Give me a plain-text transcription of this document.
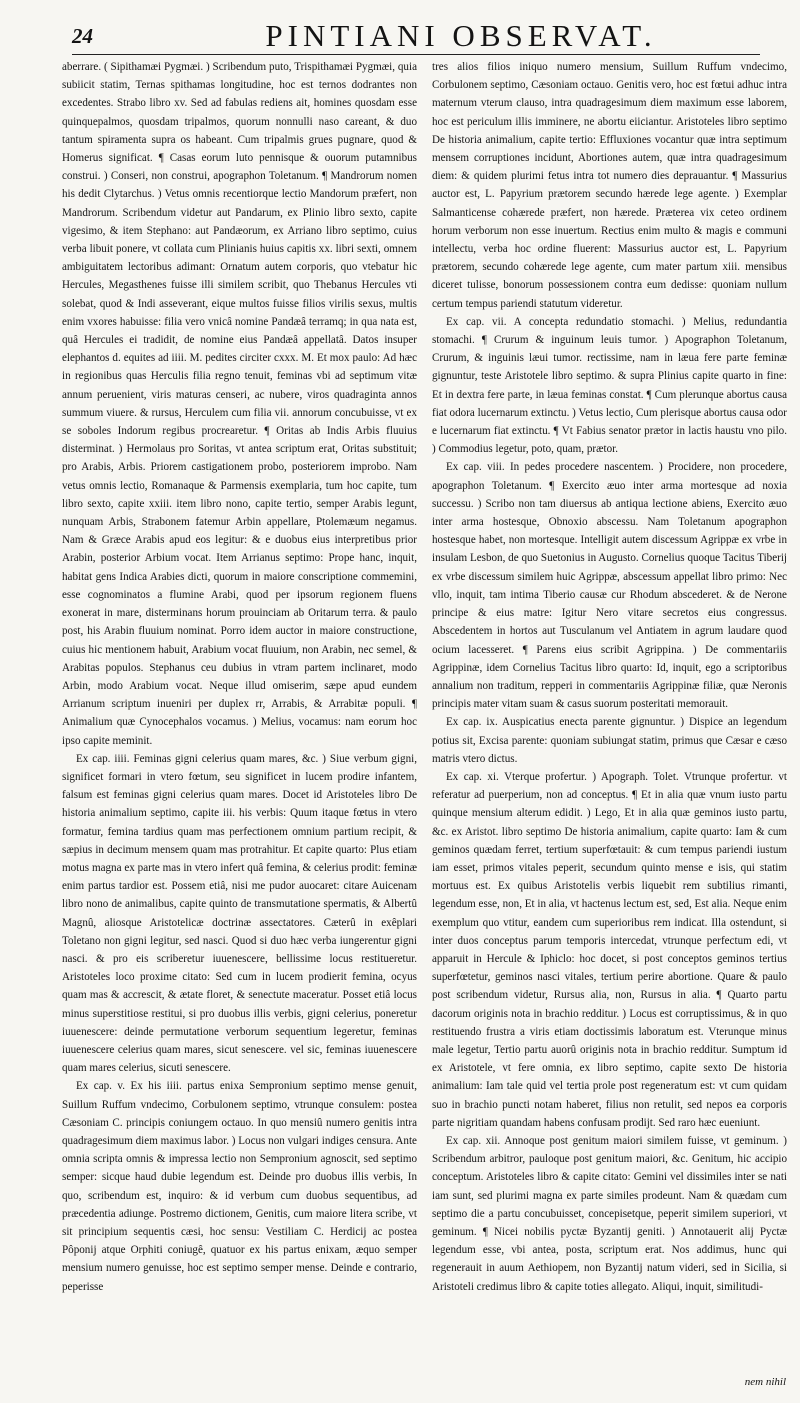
24	PINTIANI OBSERVAT.

aberrare. ( Sipithamæi Pygmæi. ) Scribendum puto, Trispithamæi Pygmæi, quia subiicit statim, Ternas spithamas longitudine, hoc est ternos dodrantes non excedentes. Strabo libro xv. Sed ad fabulas rediens ait, homines quosdam esse quinquepalmos, quosdam tripalmos, quorum nonnulli naso careant, & duo tantum spiramenta supra os habeant. Cum tripalmis grues pugnare, quod & Homerus significat. ¶ Casas eorum luto pennisque & ouorum putamnibus construi. ) Conseri, non construi, apographon Toletanum. ¶ Mandrorum nomen his dedit Clytarchus. ) Vetus omnis recentiorque lectio Mandorum præfert, non Mandrorum. Scribendum videtur aut Pandarum, ex Plinio libro sexto, capite vigesimo, & item Stephano: aut Pandæorum, ex Arriano libro septimo, cuius verba libuit ponere, vt collata cum Plinianis huius capitis xx. libri sexti, omnem ambiguitatem lectoribus adimant: Ornatum autem corporis, quo vtebatur hic Hercules, Megasthenes fuisse illi similem scribit, quo Thebanus Hercules vti solebat, quod & Indi asseverant, eique multos fuisse filios virilis sexus, multis enim vxores habuisse: filia vero vnicâ nomine Pandæâ terramq; in qua nata est, quâ Hercules ei tradidit, de nomine eius Pandæâ appellatâ. Datos insuper elephantos d. equites ad iiii. M. pedites circiter cxxx. M. Et mox paulo: Ad hæc in regionibus quas Herculis filia regno tenuit, feminas vbi ad septimum vitæ annum peruenient, viris maturas censeri, ac nubere, viros quadraginta annos summum viuere. & rursus, Herculem cum filia vii. annorum concubuisse, vt ex se soboles Indorum regibus procrearetur. ¶ Oritas ab Indis Arbis fluuius disterminat. ) Hermolaus pro Soritas, vt antea scriptum erat, Oritas substituit; pro Arabis, Arbis. Priorem castigationem probo, posteriorem improbo. Nam vetus omnis lectio, Romanaque & Parmensis exemplaria, tum hoc capite, tum libro sexto, capite xxiii. item libro nono, capite tertio, semper Arabis legunt, nunquam Arbis, Strabonem fatemur Arbin appellare, Ptolemæum negamus. Nam & Græce Arabis apud eos legitur: & e duobus eius interpretibus prior Arabin, posterior Arbium vocat. Item Arrianus septimo: Prope hanc, inquit, habitat gens Indica Arabies dicti, quorum in maiore conscriptione commemini, esse cognominatos a flumine Arabi, quod per ipsorum regionem fluens exonerat in mare, disterminans horum prouinciam ab Oritarum terra. & paulo post, his Arabin fluuium nominat. Porro idem auctor in maiore constructione, cuius hic mentionem habuit, Arabium vocat fluuium, non Arabin, nec semel, & Arabitas populos. Stephanus ceu dubius in vtram partem inclinaret, modo Arbin, modo Arabium vocat. Neque illud omiserim, sæpe apud eundem Arrianum scriptum inueniri per duplex rr, Arrabis, & Arrabitæ populi. ¶ Animalium quæ Cynocephalos vocamus. ) Melius, vocamus: nam eorum hoc ipso capite meminit.

Ex cap. iiii. Feminas gigni celerius quam mares, &c. ) Siue verbum gigni, significet formari in vtero fœtum, seu significet in lucem prodire infantem, falsum est feminas gigni celerius quam mares. Docet id Aristoteles libro De historia animalium septimo, capite iii. his verbis: Quum itaque fœtus in vtero formatur, femina tardius quam mas perfectionem omnium partium recipit, & sæpius in decimum mensem quam mas protrahitur. Et capite quarto: Plus etiam motus magna ex parte mas in vtero infert quâ femina, & celerius prodit: feminæ enim partus tardior est. Possem etiâ, nisi me pudor auocaret: citare Auicenam libro nono de animalibus, capite quinto de transmutatione spermatis, & Albertû Magnû, aliosque Aristotelicæ doctrinæ assectatores. Cæterû in exêplari Toletano non gigni legitur, sed nasci. Quod si duo hæc verba iungerentur gigni nasci. & pro eis scriberetur iuuenescere, bellissime locus restitueretur. Aristoteles loco proxime citato: Sed cum in lucem prodierit femina, ocyus quam mas & accrescit, & ætate floret, & senectute maceratur. Posset etiâ locus minus superstitiose restitui, si pro duobus illis verbis, gigni celerius, poneretur iuuenescere: deinde permutatione verborum sequentium legeretur, feminas iuuenescere celerius quam mares, sicut senescere. vel sic, feminas iuuenescere quam mares celerius, sicuti senescere.

Ex cap. v. Ex his iiii. partus enixa Sempronium septimo mense genuit, Suillum Ruffum vndecimo, Corbulonem septimo, vtrunque consulem: postea Cæsoniam C. principis coniungem octauo. In quo mensiû numero genitis intra quadragesimum diem maximus labor. ) Locus non vulgari indiges censura. Ante omnia scripta omnis & impressa lectio non Sempronium agnoscit, sed septimo semper: sicque haud dubie legendum est. Deinde pro duobus illis verbis, In quo, scribendum est, inquiro: & id verbum cum duobus sequentibus, ad præcedentia adiunge. Postremo dictionem, Genitis, cum maiore litera scribe, vt sit principium sequentis cæsi, hoc sensu: Vestiliam C. Herdicij ac postea Pôponij atque Orphiti coniugê, quatuor ex his partus enixam, æquo semper mensium numero genuisse, hoc est septimo semper mense. Deinde e contrario, peperisse

tres alios filios iniquo numero mensium, Suillum Ruffum vndecimo, Corbulonem septimo, Cæsoniam octauo. Genitis vero, hoc est fœtui adhuc intra maternum vterum clauso, intra quadragesimum diem maximum esse laborem, hoc est periculum illis imminere, ne abortu eiiciantur. Aristoteles libro septimo De historia animalium, capite tertio: Effluxiones vocantur quæ intra septimum mensem corruptiones incidunt, Abortiones autem, quæ intra quadragesimum diem: & quidem plurimi fetus intra tot numero dies deprauantur. ¶ Massurius auctor est, L. Papyrium prætorem secundo hærede lege agente. ) Exemplar Salmanticense cohærede præfert, non hærede. Præterea vix ceteo ordinem horum verborum non esse inuertum. Rectius enim multo & magis e communi intellectu, verba hoc ordine fluerent: Massurius auctor est, L. Papyrium prætorem, secundo cohærede lege agente, cum mater partum xiii. mensibus diceret tulisse, bonorum possessionem contra eum dedisse: quoniam nullum certum tempus pariendi statutum videretur.

Ex cap. vii. A concepta redundatio stomachi. ) Melius, redundantia stomachi. ¶ Crurum & inguinum leuis tumor. ) Apographon Toletanum, Crurum, & inguinis læui tumor. rectissime, nam in læua fere parte feminæ gignuntur, teste Aristotele libro septimo. & supra Plinius capite quarto in fine: Et in dextra fere parte, in læua feminas constat. ¶ Cum plerunque abortus causa fiat odora lucernarum extinctu. ) Vetus lectio, Cum plerisque abortus causa odor e lucernarum fiat extinctu. ¶ Vt Fabius senator prætor in lactis haustu vno pilo. ) Commodius legetur, poto, quam, prætor.

Ex cap. viii. In pedes procedere nascentem. ) Procidere, non procedere, apographon Toletanum. ¶ Exercito æuo inter arma mortesque ad noxia successu. ) Scribo non tam diuersus ab antiqua lectione abiens, Exercito æuo inter arma hostesque, Obnoxio abscessu. Nam Toletanum apographon hostesque habet, non mortesque. Intelligit autem discessum Agrippæ ex vrbe in insulam Lesbon, de quo Suetonius in Augusto. Cornelius quoque Tacitus Tiberij ex vrbe discessum similem huic Agrippæ, abscessum appellat libro primo: Nec vllo, inquit, tam intima Tiberio causæ cur Rhodum abscederet. & de Nerone principe & eius matre: Igitur Nero vitare secretos eius congressus. Abscedentem in hortos aut Tusculanum vel Antiatem in agrum laudare quod ocium lacesseret. ¶ Parens eius scribit Agrippina. ) De commentariis Agrippinæ, idem Cornelius Tacitus libro quarto: Id, inquit, ego a scriptoribus annalium non traditum, repperi in commentariis Agrippinæ filiæ, quæ Neronis principis mater vitam suam & casus suorum posteritati memorauit.

Ex cap. ix. Auspicatius enecta parente gignuntur. ) Dispice an legendum potius sit, Excisa parente: quoniam subiungat statim, primus que Cæsar e cæso matris vtero dictus.

Ex cap. xi. Vterque profertur. ) Apograph. Tolet. Vtrunque profertur. vt referatur ad puerperium, non ad conceptus. ¶ Et in alia quæ vnum iusto partu quinque mensium alterum edidit. ) Lego, Et in alia quæ geminos iusto partu, &c. ex Aristot. libro septimo De historia animalium, capite quarto: Iam & cum geminos quædam ferret, tertium superfœtauit: & cum tempus pariendi iustum iam esset, primos vitales peperit, secundum quinto mense e isis, qui statim mortuus est. Ex quibus Aristotelis verbis liquebit rem subtilius rimanti, legendum esse, non, Et in alia, vt hactenus lectum est, sed, Est alia. Neque enim exemplum quo vtitur, eandem cum superioribus rem indicat. Illa ostendunt, si inter duos conceptus parum temporis intercedat, vtrunque perfectum edi, vt apparuit in Hercule & Iphiclo: hoc docet, si post conceptos geminos tertius superfœtetur, geminos nasci vitales, tertium perire abortione. Quare & paulo post scribendum videtur, Rursus alia, non, Rursus in alia. ¶ Quarto partu dacorum originis nota in brachio redditur. ) Locus est corruptissimus, & in quo restituendo frustra a viris etiam doctissimis laboratum est. Vterunque minus male legetur, Tertio partu auorû originis nota in brachio redditur. Sumptum id ex Aristotele, vt fere omnia, ex libro septimo, capite sexto De historia animalium: Iam tale quid vel tertia prole post regeneratum est: vt cum quidam suo in brachio puncti notam haberet, filius non retulit, sed nepos ea corporis parte nigritiam quandam habens confusam prodijt. Sed raro hæc eueniunt.

Ex cap. xii. Annoque post genitum maiori similem fuisse, vt geminum. ) Scribendum arbitror, pauloque post genitum maiori, &c. Genitum, hic accipio conceptum. Aristoteles libro & capite citato: Gemini vel dissimiles inter se nati iam sunt, sed plurimi magna ex parte similes prodeunt. Nam & quædam cum septimo die a partu concubuisset, concepisetque, peperit similem superiori, vt geminum. ¶ Nicei nobilis pyctæ Byzantij geniti. ) Annotauerit alij Pyctæ legendum esse, vbi antea, posta, scriptum erat. Nos addimus, hunc qui regenerauit in auum Aethiopem, non Byzantij natum videri, sed in Sicilia, si Aristoteli credimus libro & capite toties allegato. Aliqui, inquit, similitudi-

nem nihil
